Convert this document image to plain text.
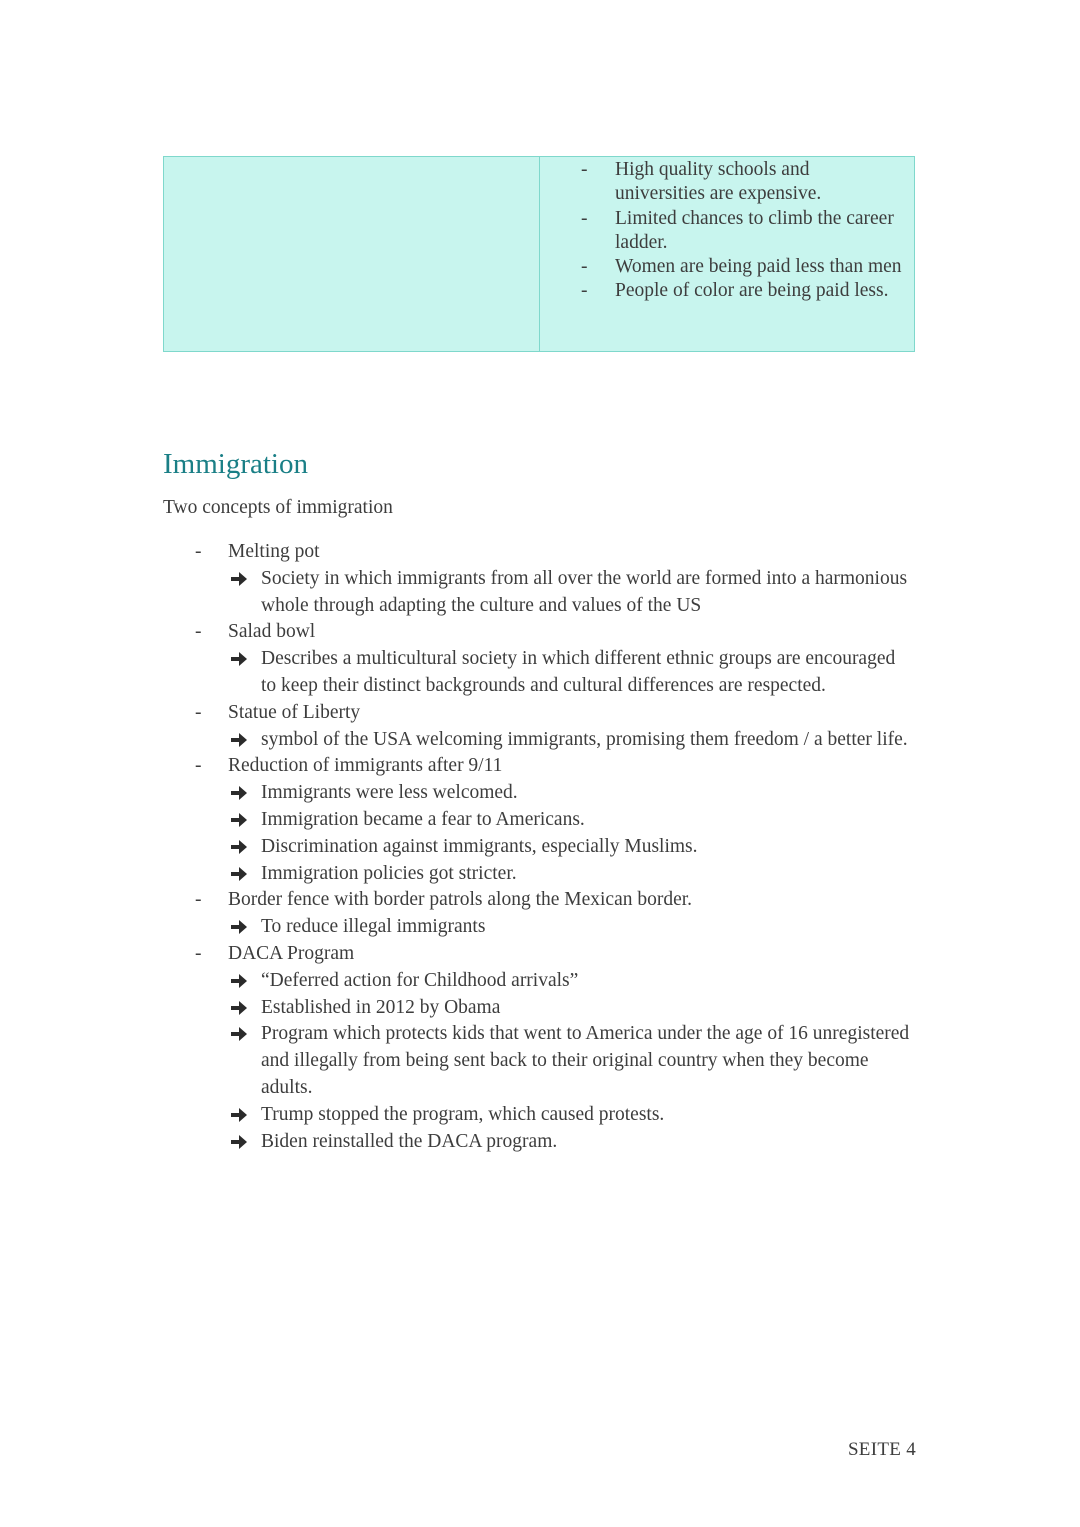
- High quality schools and universities are expensive.
- Limited chances to climb the career ladder.
- Women are being paid less than men
- People of color are being paid less.
Immigration

Two concepts of immigration

- Melting pot
Society in which immigrants from all over the world are formed into a harmonious whole through adapting the culture and values of the US
- Salad bowl
Describes a multicultural society in which different ethnic groups are encouraged to keep their distinct backgrounds and cultural differences are respected.
- Statue of Liberty
symbol of the USA welcoming immigrants, promising them freedom / a better life.
- Reduction of immigrants after 9/11
Immigrants were less welcomed.
Immigration became a fear to Americans.
Discrimination against immigrants, especially Muslims.
Immigration policies got stricter.
- Border fence with border patrols along the Mexican border.
To reduce illegal immigrants
- DACA Program
“Deferred action for Childhood arrivals”
Established in 2012 by Obama
Program which protects kids that went to America under the age of 16 unregistered and illegally from being sent back to their original country when they become adults.
Trump stopped the program, which caused protests.
Biden reinstalled the DACA program.
SEITE 4
